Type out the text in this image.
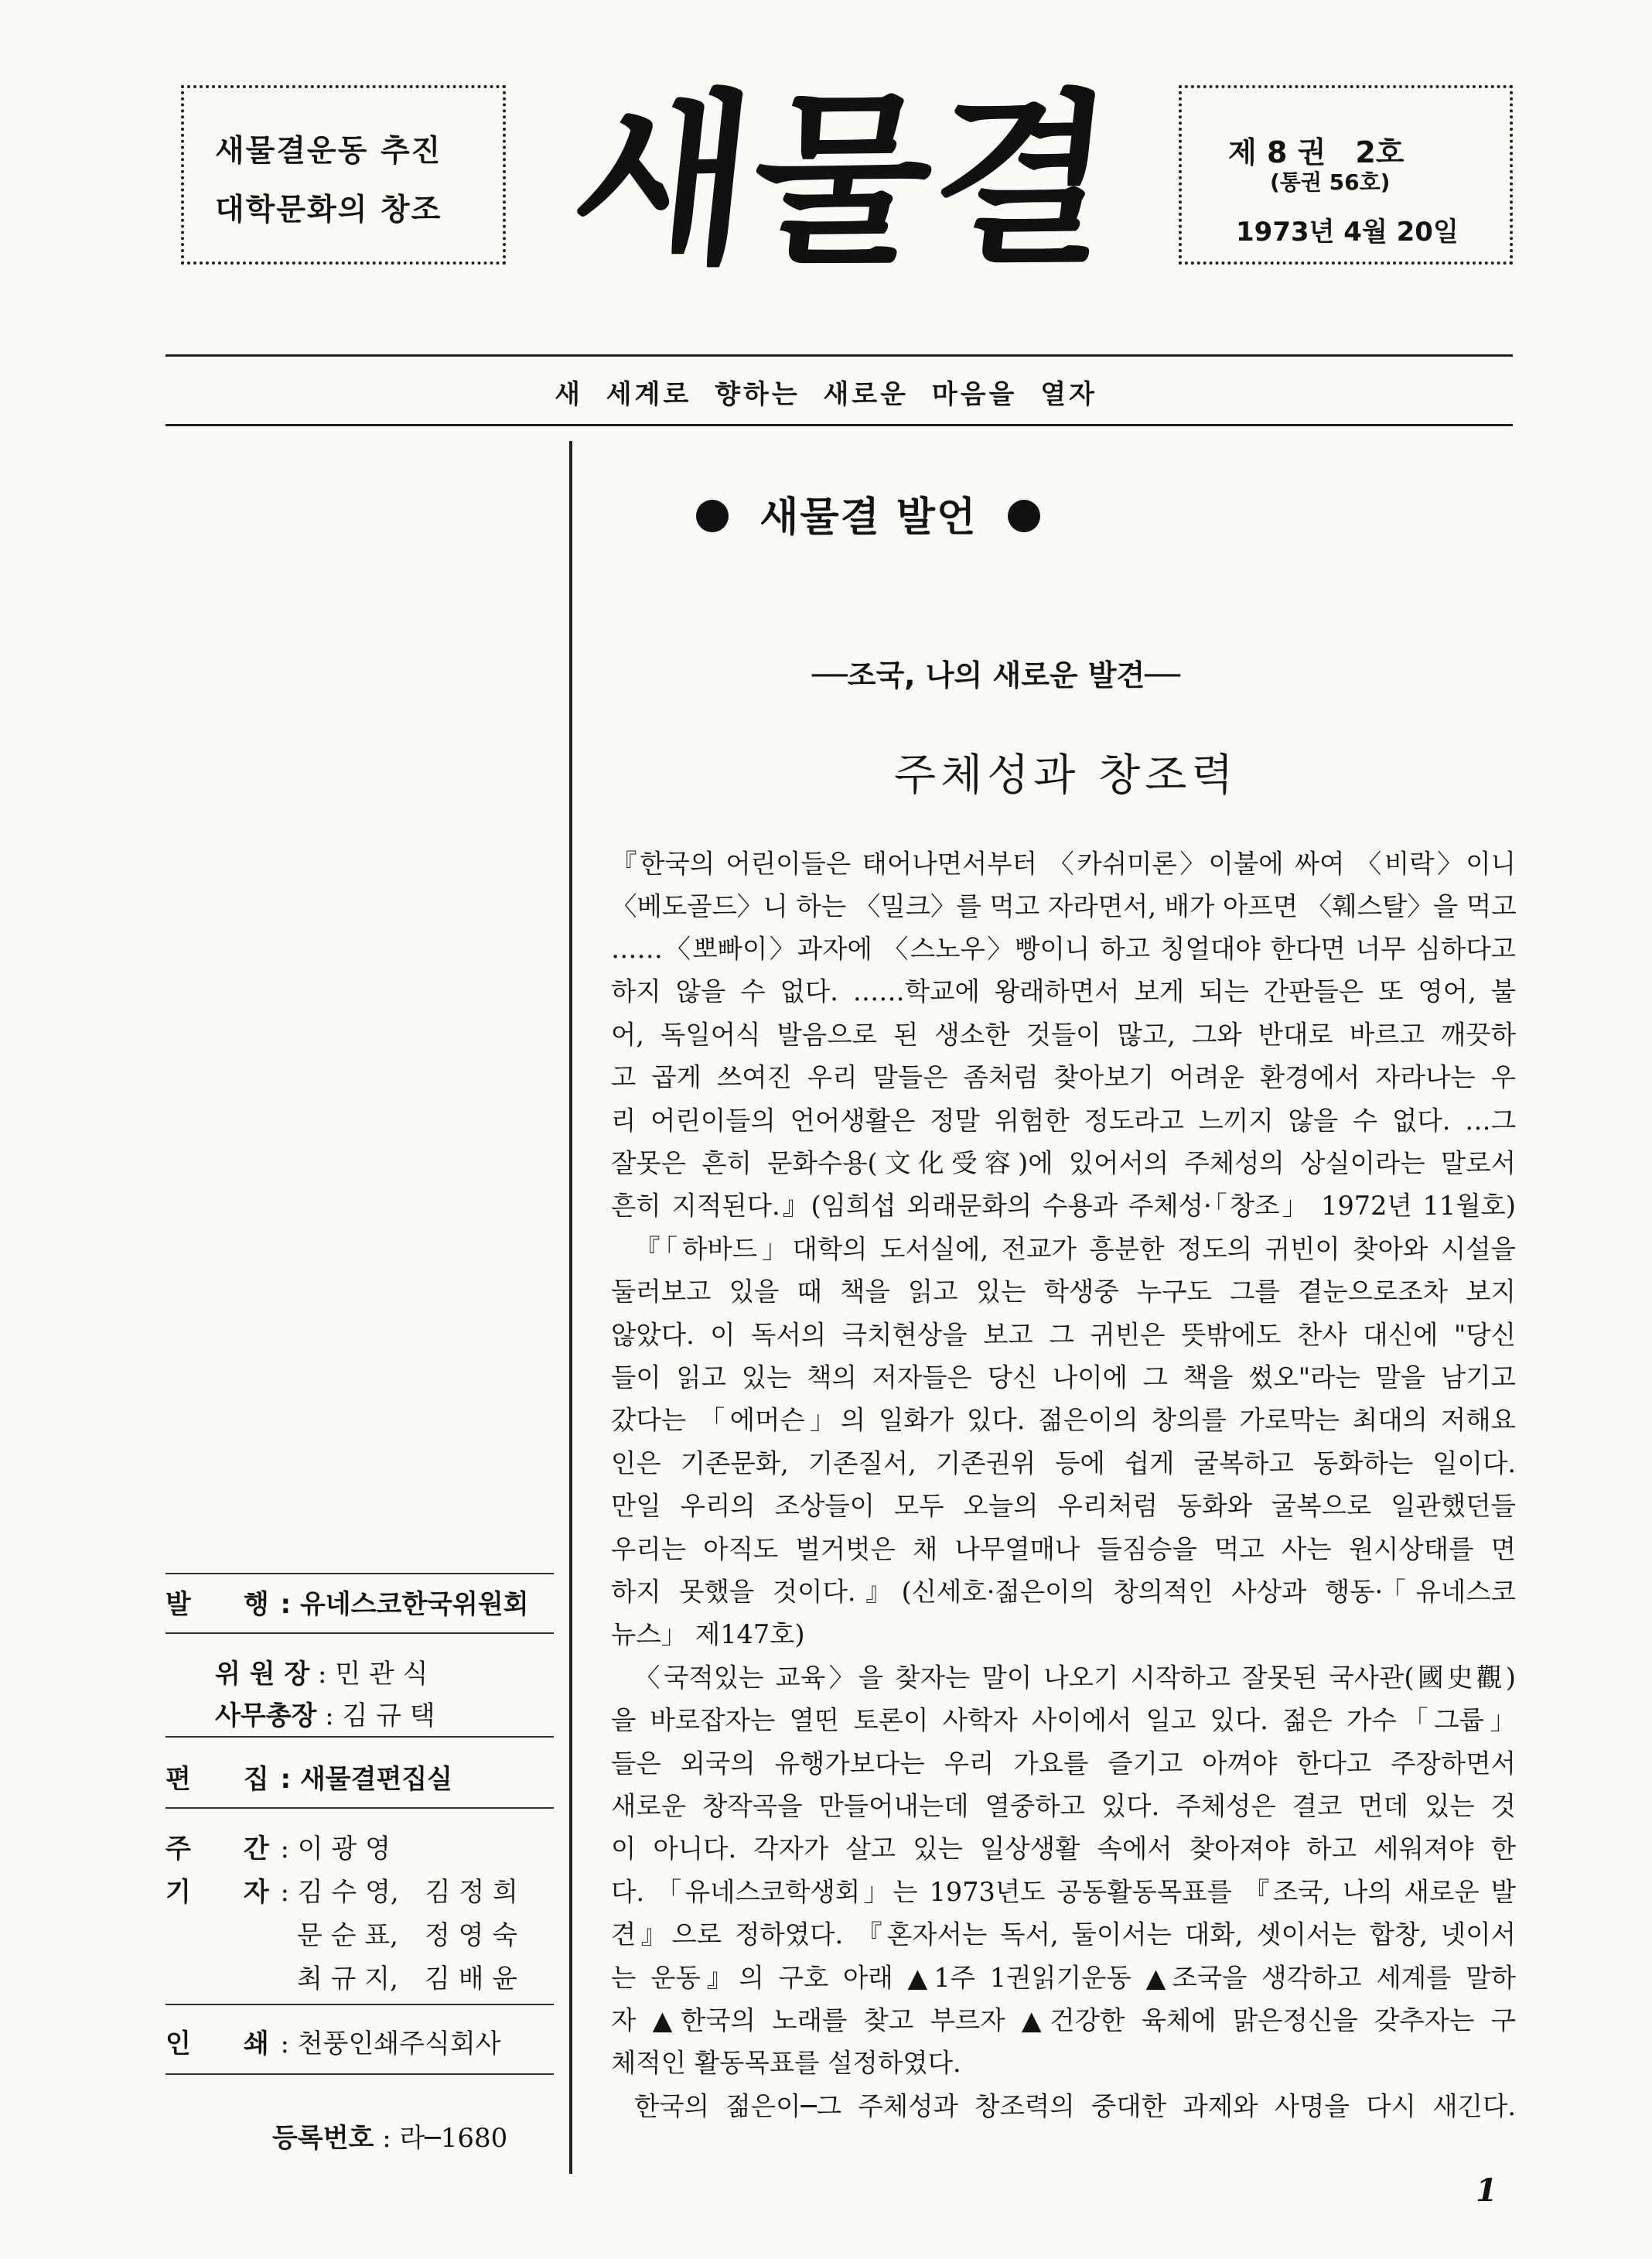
새물결운동 추진
대학문화의 창조 새물결	제 8 권　2호
(통권 56호)
1973년 4월 20일
새 세계로 향하는 새로운 마음을 열자
새물결 발언
──조국, 나의 새로운 발견──
주체성과 창조력
『한국의 어린이들은 태어나면서부터 〈카쉬미론〉이불에 싸여 〈비락〉이니
〈베도골드〉니 하는 〈밀크〉를 먹고 자라면서, 배가 아프면 〈훼스탈〉을 먹고
……〈뽀빠이〉과자에 〈스노우〉빵이니 하고 칭얼대야 한다면 너무 심하다고
하지 않을 수 없다. ……학교에 왕래하면서 보게 되는 간판들은 또 영어, 불
어, 독일어식 발음으로 된 생소한 것들이 많고, 그와 반대로 바르고 깨끗하
고 곱게 쓰여진 우리 말들은 좀처럼 찾아보기 어려운 환경에서 자라나는 우
리 어린이들의 언어생활은 정말 위험한 정도라고 느끼지 않을 수 없다. …그
잘못은 흔히 문화수용(文化受容)에 있어서의 주체성의 상실이라는 말로서
흔히 지적된다.』(임희섭 외래문화의 수용과 주체성·「창조」 1972년 11월호)
『「하바드」대학의 도서실에, 전교가 흥분한 정도의 귀빈이 찾아와 시설을
둘러보고 있을 때 책을 읽고 있는 학생중 누구도 그를 곁눈으로조차 보지
않았다. 이 독서의 극치현상을 보고 그 귀빈은 뜻밖에도 찬사 대신에 "당신
들이 읽고 있는 책의 저자들은 당신 나이에 그 책을 썼오"라는 말을 남기고
갔다는 「에머슨」의 일화가 있다. 젊은이의 창의를 가로막는 최대의 저해요
인은 기존문화, 기존질서, 기존권위 등에 쉽게 굴복하고 동화하는 일이다.
만일 우리의 조상들이 모두 오늘의 우리처럼 동화와 굴복으로 일관했던들
우리는 아직도 벌거벗은 채 나무열매나 들짐승을 먹고 사는 원시상태를 면
하지 못했을 것이다.』(신세호·젊은이의 창의적인 사상과 행동·「유네스코
뉴스」 제147호)
〈국적있는 교육〉을 찾자는 말이 나오기 시작하고 잘못된 국사관(國史觀)
을 바로잡자는 열띤 토론이 사학자 사이에서 일고 있다. 젊은 가수「그룹」
들은 외국의 유행가보다는 우리 가요를 즐기고 아껴야 한다고 주장하면서
새로운 창작곡을 만들어내는데 열중하고 있다. 주체성은 결코 먼데 있는 것
이 아니다. 각자가 살고 있는 일상생활 속에서 찾아져야 하고 세워져야 한
다. 「유네스코학생회」는 1973년도 공동활동목표를 『조국, 나의 새로운 발
견』으로 정하였다. 『혼자서는 독서, 둘이서는 대화, 셋이서는 합창, 넷이서
는 운동』의 구호 아래 ▲1주 1권읽기운동 ▲조국을 생각하고 세계를 말하
자 ▲한국의 노래를 찾고 부르자 ▲건강한 육체에 맑은정신을 갖추자는 구
체적인 활동목표를 설정하였다.
한국의 젊은이─그 주체성과 창조력의 중대한 과제와 사명을 다시 새긴다.
발　　행 : 유네스코한국위원회
위 원 장 : 민 관 식
사무총장 : 김 규 택
편　　집 : 새물결편집실
주　　간 : 이 광 영
기　　자 : 김 수 영,　김 정 희
문 순 표,　정 영 숙
최 규 지,　김 배 윤
인　　쇄 : 천풍인쇄주식회사
등록번호 : 라─1680
1
